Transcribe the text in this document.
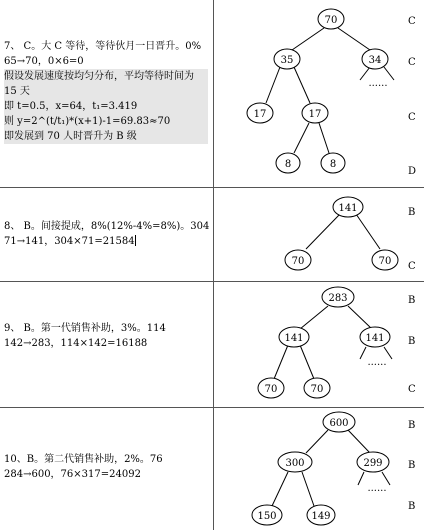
7、 C。大 C 等待，等待伙月一日晋升。0%
65→70，0×6=0
假设发展速度按均匀分布，平均等待时间为
15 天
即 t=0.5，x=64，t₁=3.419
则 y=2^(t/t₁)*(x+1)-1=69.83≈70
即发展到 70 人时晋升为 B 级
70
35	34
17	17
8	8
......
C
C
C
D
8、 B。间接提成，8%(12%-4%=8%)。304
71→141，304×71=21584
141
70	70
B
C
9、 B。第一代销售补助，3%。114
142→283，114×142=16188
283
141	141
70	70
......
B
B
C
10、B。第二代销售补助，2%。76
284→600，76×317=24092
600
300	299
150	149
......
B
B
B
